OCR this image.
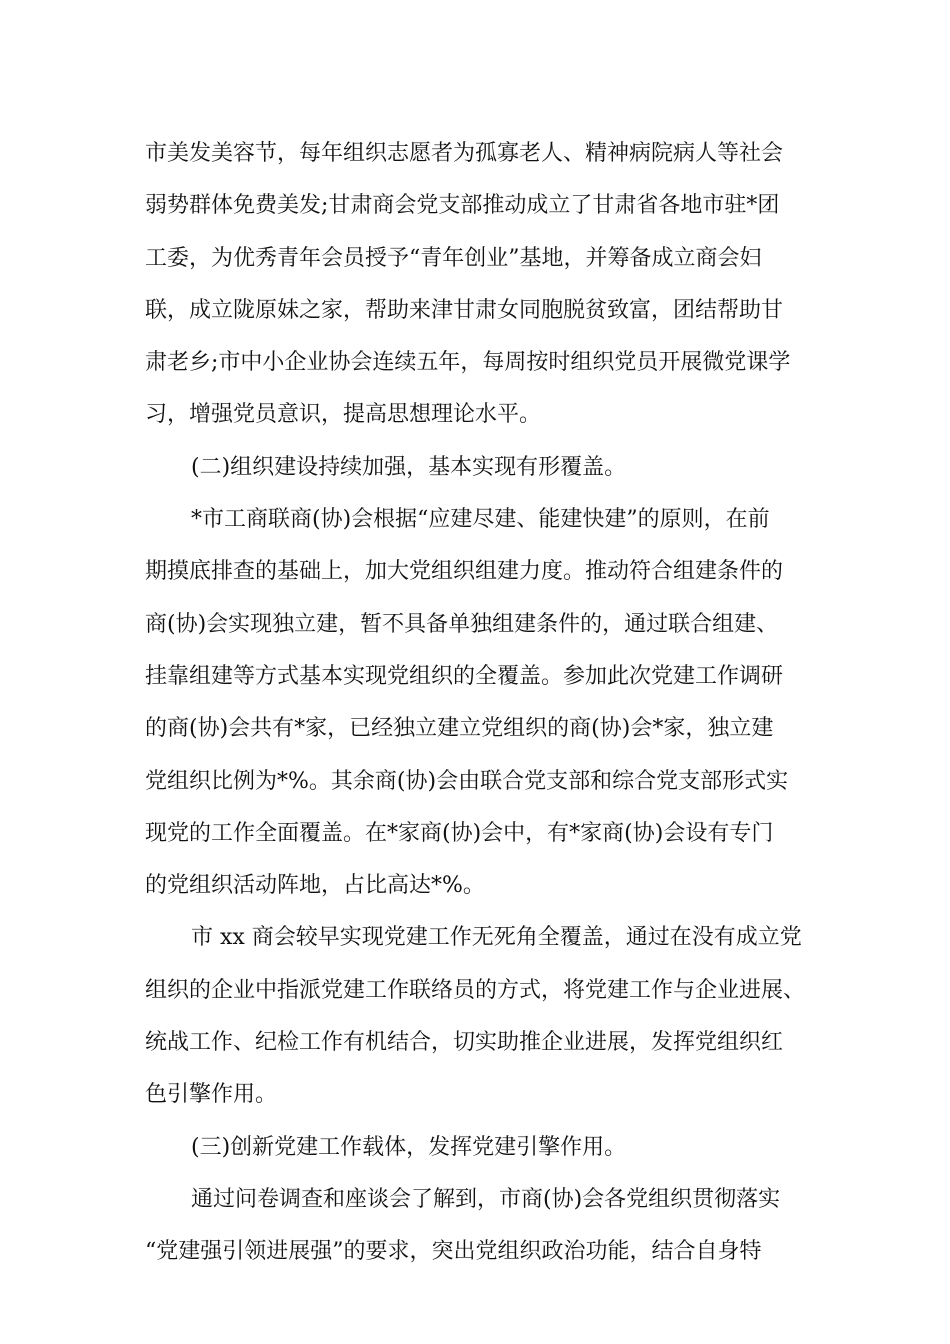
市美发美容节，每年组织志愿者为孤寡老人、精神病院病人等社会
弱势群体免费美发;甘肃商会党支部推动成立了甘肃省各地市驻*团
工委，为优秀青年会员授予“青年创业”基地，并筹备成立商会妇
联，成立陇原妹之家，帮助来津甘肃女同胞脱贫致富，团结帮助甘
肃老乡;市中小企业协会连续五年，每周按时组织党员开展微党课学
习，增强党员意识，提高思想理论水平。
(二)组织建设持续加强，基本实现有形覆盖。
*市工商联商(协)会根据“应建尽建、能建快建”的原则，在前
期摸底排查的基础上，加大党组织组建力度。推动符合组建条件的
商(协)会实现独立建，暂不具备单独组建条件的，通过联合组建、
挂靠组建等方式基本实现党组织的全覆盖。参加此次党建工作调研
的商(协)会共有*家，已经独立建立党组织的商(协)会*家，独立建
党组织比例为*%。其余商(协)会由联合党支部和综合党支部形式实
现党的工作全面覆盖。在*家商(协)会中，有*家商(协)会设有专门
的党组织活动阵地，占比高达*%。
市 xx 商会较早实现党建工作无死角全覆盖，通过在没有成立党
组织的企业中指派党建工作联络员的方式，将党建工作与企业进展、
统战工作、纪检工作有机结合，切实助推企业进展，发挥党组织红
色引擎作用。
(三)创新党建工作载体，发挥党建引擎作用。
通过问卷调查和座谈会了解到，市商(协)会各党组织贯彻落实
“党建强引领进展强”的要求，突出党组织政治功能，结合自身特
